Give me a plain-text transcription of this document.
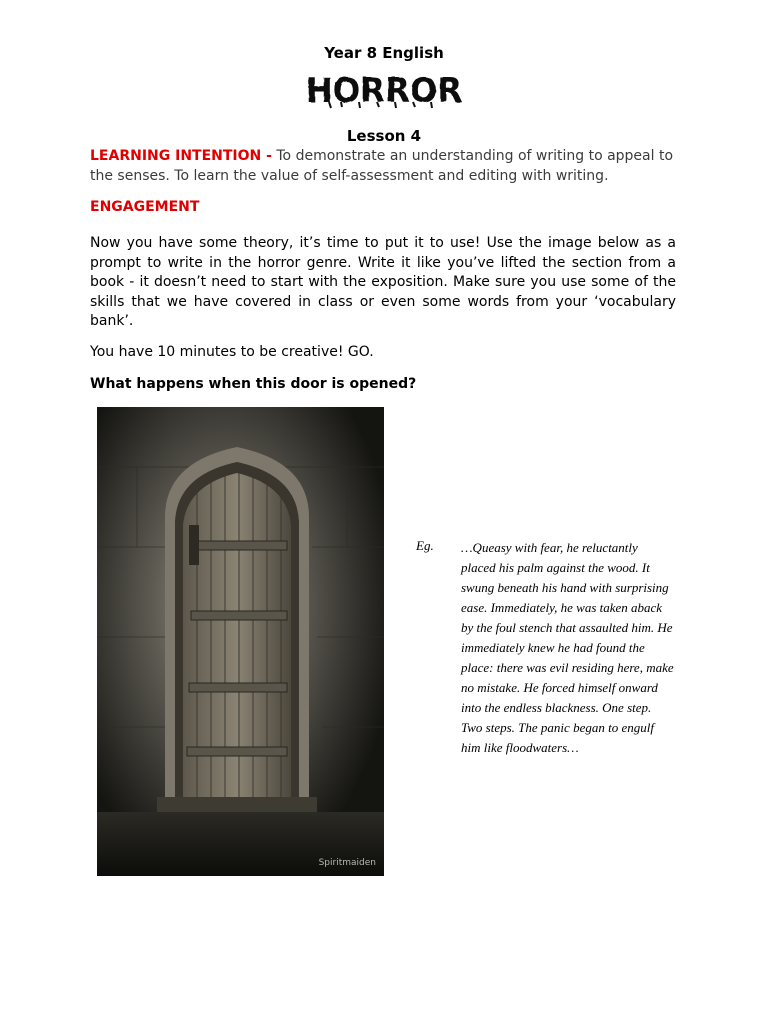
Year 8 English
HORROR
Lesson 4
LEARNING INTENTION - To demonstrate an understanding of writing to appeal to the senses. To learn the value of self-assessment and editing with writing.
ENGAGEMENT
Now you have some theory, it’s time to put it to use! Use the image below as a prompt to write in the horror genre. Write it like you’ve lifted the section from a book - it doesn’t need to start with the exposition. Make sure you use some of the skills that we have covered in class or even some words from your ‘vocabulary bank’.
You have 10 minutes to be creative! GO.
What happens when this door is opened?
Spiritmaiden
Eg. …Queasy with fear, he reluctantly placed his palm against the wood. It swung beneath his hand with surprising ease. Immediately, he was taken aback by the foul stench that assaulted him. He immediately knew he had found the place: there was evil residing here, make no mistake. He forced himself onward into the endless blackness. One step. Two steps. The panic began to engulf him like floodwaters…
